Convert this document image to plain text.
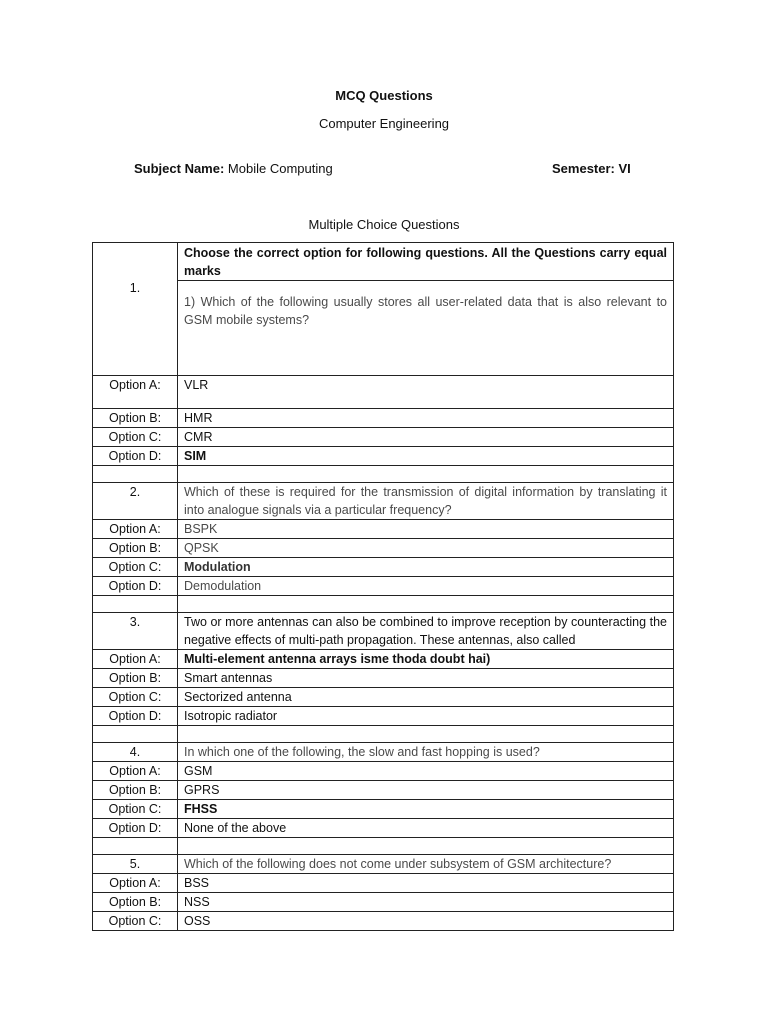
MCQ Questions
Computer Engineering
Subject Name: Mobile Computing	Semester: VI
Multiple Choice Questions
1.	Choose the correct option for following questions. All the Questions carry equal marks
1) Which of the following usually stores all user-related data that is also relevant to GSM mobile systems?

Option A:	VLR
Option B:	HMR
Option C:	CMR
Option D:	SIM

2.	Which of these is required for the transmission of digital information by translating it into analogue signals via a particular frequency?
Option A:	BSPK
Option B:	QPSK
Option C:	Modulation
Option D:	Demodulation

3.	Two or more antennas can also be combined to improve reception by counteracting the negative effects of multi-path propagation. These antennas, also called
Option A:	Multi-element antenna arrays isme thoda doubt hai)
Option B:	Smart antennas
Option C:	Sectorized antenna
Option D:	Isotropic radiator

4.	In which one of the following, the slow and fast hopping is used?
Option A:	GSM
Option B:	GPRS
Option C:	FHSS
Option D:	None of the above

5.	Which of the following does not come under subsystem of GSM architecture?
Option A:	BSS
Option B:	NSS
Option C:	OSS
